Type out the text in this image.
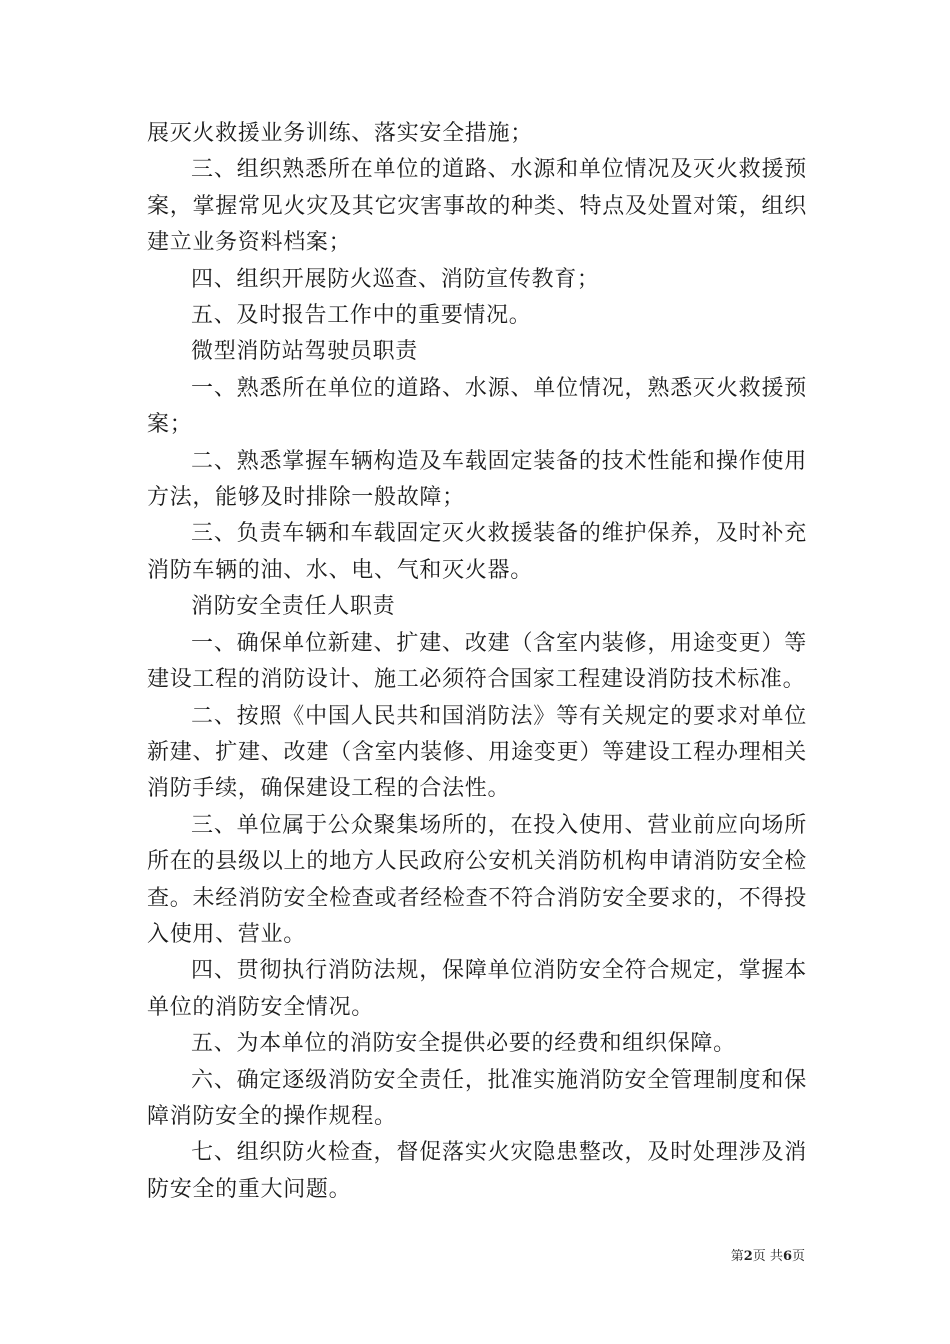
展灭火救援业务训练、落实安全措施；

三、组织熟悉所在单位的道路、水源和单位情况及灭火救援预案，掌握常见火灾及其它灾害事故的种类、特点及处置对策，组织建立业务资料档案；

四、组织开展防火巡查、消防宣传教育；

五、及时报告工作中的重要情况。

微型消防站驾驶员职责

一、熟悉所在单位的道路、水源、单位情况，熟悉灭火救援预案；

二、熟悉掌握车辆构造及车载固定装备的技术性能和操作使用方法，能够及时排除一般故障；

三、负责车辆和车载固定灭火救援装备的维护保养，及时补充消防车辆的油、水、电、气和灭火器。

消防安全责任人职责

一、确保单位新建、扩建、改建（含室内装修，用途变更）等建设工程的消防设计、施工必须符合国家工程建设消防技术标准。

二、按照《中国人民共和国消防法》等有关规定的要求对单位新建、扩建、改建（含室内装修、用途变更）等建设工程办理相关消防手续，确保建设工程的合法性。

三、单位属于公众聚集场所的，在投入使用、营业前应向场所所在的县级以上的地方人民政府公安机关消防机构申请消防安全检查。未经消防安全检查或者经检查不符合消防安全要求的，不得投入使用、营业。

四、贯彻执行消防法规，保障单位消防安全符合规定，掌握本单位的消防安全情况。

五、为本单位的消防安全提供必要的经费和组织保障。

六、确定逐级消防安全责任，批准实施消防安全管理制度和保障消防安全的操作规程。

七、组织防火检查，督促落实火灾隐患整改，及时处理涉及消防安全的重大问题。

第2页 共6页
